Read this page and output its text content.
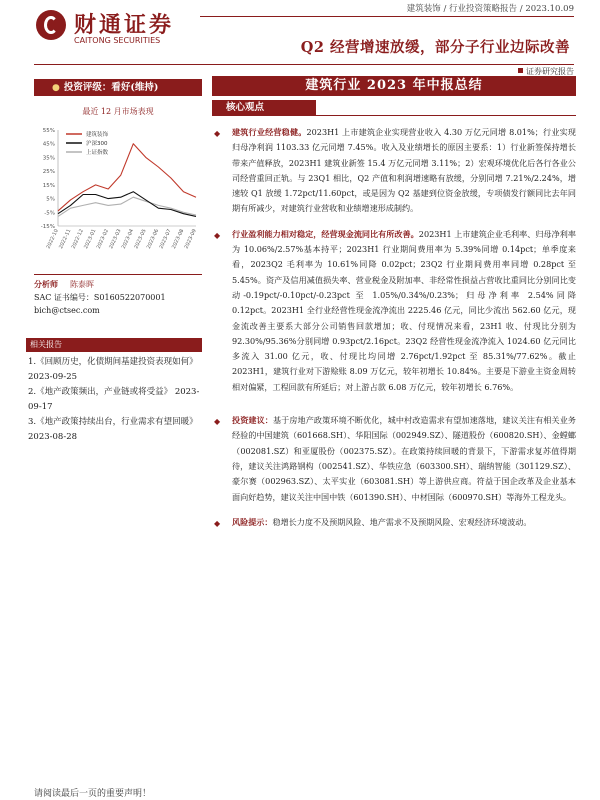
财通证券
CAITONG SECURITIES
建筑装饰 / 行业投资策略报告 / 2023.10.09
Q2 经营增速放缓，部分子行业边际改善
证券研究报告
● 投资评级：看好(维持)
最近 12 月市场表现
55%
45%
35%
25%
15%
5%
-5%
-15%
2022-10
2022-11
2022-12
2023-01
2023-02
2023-03
2023-04
2023-05
2023-06
2023-07
2023-08
2023-09
建筑装饰
沪深300
上证指数
分析师 陈泰晖
SAC 证书编号：S0160522070001
bich@ctsec.com
相关报告
1.《回顾历史，化债期间基建投资表现如何》 2023-09-25
2.《地产政策频出，产业链或将受益》 2023-09-17
3.《地产政策持续出台，行业需求有望回暖》 2023-08-28
建筑行业 2023 年中报总结
核心观点
◆ 建筑行业经营稳健。2023H1 上市建筑企业实现营业收入 4.30 万亿元同增 8.01%；行业实现归母净利润 1103.33 亿元同增 7.45%。收入及业绩增长的原因主要系：1）行业新签保持增长带来产值释放，2023H1 建筑业新签 15.4 万亿元同增 3.11%；2）宏观环境优化后各行各业公司经营重回正轨。与 23Q1 相比，Q2 产值和利润增速略有放缓，分别同增 7.21%/2.24%，增速较 Q1 放缓 1.72pct/11.60pct，或是因为 Q2 基建到位资金放缓，专项债发行额同比去年同期有所减少，对建筑行业营收和业绩增速形成制约。
◆ 行业盈利能力相对稳定，经营现金流同比有所改善。2023H1 上市建筑企业毛利率、归母净利率为 10.06%/2.57%基本持平；2023H1 行业期间费用率为 5.39%同增 0.14pct；单季度来看，2023Q2 毛利率为 10.61%同降 0.02pct；23Q2 行业期间费用率同增 0.28pct 至 5.45%。资产及信用减值损失率、营业税金及附加率、非经常性损益占营收比重同比分别同比变动-0.19pct/-0.10pct/-0.23pct 至 1.05%/0.34%/0.23%；归母净利率 2.54%同降 0.12pct。2023H1 全行业经营性现金流净流出 2225.46 亿元，同比少流出 562.60 亿元，现金流改善主要系大部分公司销售回款增加；收、付现情况来看，23H1 收、付现比分别为 92.30%/95.36%分别同增 0.93pct/2.16pct。23Q2 经营性现金流净流入 1024.60 亿元同比多流入 31.00 亿元，收、付现比均同增 2.76pct/1.92pct 至 85.31%/77.62%。截止 2023H1，建筑行业对下游赊账 8.09 万亿元，较年初增长 10.84%。主要是下游业主资金周转相对偏紧，工程回款有所延后；对上游占款 6.08 万亿元，较年初增长 6.76%。
◆ 投资建议：基于房地产政策环境不断优化，城中村改造需求有望加速落地，建议关注有相关业务经验的中国建筑（601668.SH）、华阳国际（002949.SZ）、隧道股份（600820.SH）、金螳螂（002081.SZ）和亚厦股份（002375.SZ）。在政策持续回暖的背景下，下游需求复苏值得期待，建议关注鸿路钢构（002541.SZ）、华铁应急（603300.SH）、瑞纳智能（301129.SZ）、豪尔赛（002963.SZ）、太平实业（603081.SH）等上游供应商。符益于国企改革及企业基本面向好趋势，建议关注中国中铁（601390.SH）、中材国际（600970.SH）等海外工程龙头。
◆ 风险提示：稳增长力度不及预期风险、地产需求不及预期风险、宏观经济环境波动。
请阅读最后一页的重要声明！
